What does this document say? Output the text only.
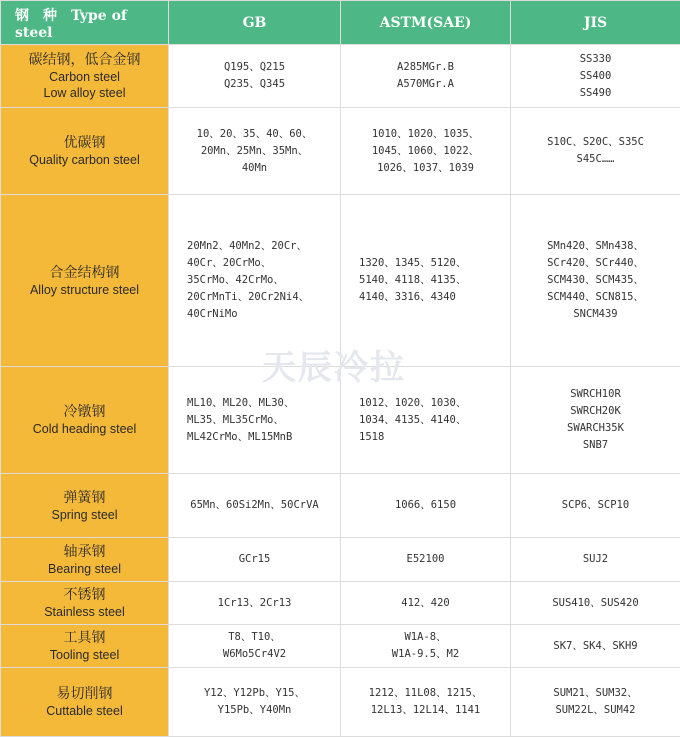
钢　种　Type of steel	GB	ASTM(SAE)	JIS

碳结钢，低合金钢
Carbon steel
Low alloy steel	Q195、Q215
Q235、Q345	A285MGr.B
A570MGr.A	SS330
SS400
SS490

优碳钢
Quality carbon steel	10、20、35、40、60、
20Mn、25Mn、35Mn、
40Mn	1010、1020、1035、
1045、1060、1022、
1026、1037、1039	S10C、S20C、S35C
S45C……

合金结构钢
Alloy structure steel	20Mn2、40Mn2、20Cr、
40Cr、20CrMo、
35CrMo、42CrMo、
20CrMnTi、20Cr2Ni4、
40CrNiMo	1320、1345、5120、
5140、4118、4135、
4140、3316、4340	SMn420、SMn438、
SCr420、SCr440、
SCM430、SCM435、
SCM440、SCN815、
SNCM439

冷镦钢
Cold heading steel	ML10、ML20、ML30、
ML35、ML35CrMo、
ML42CrMo、ML15MnB	1012、1020、1030、
1034、4135、4140、
1518	SWRCH10R
SWRCH20K
SWARCH35K
SNB7

弹簧钢
Spring steel	65Mn、60Si2Mn、50CrVA	1066、6150	SCP6、SCP10

轴承钢
Bearing steel	GCr15	E52100	SUJ2

不锈钢
Stainless steel	1Cr13、2Cr13	412、420	SUS410、SUS420

工具钢
Tooling steel	T8、T10、
W6Mo5Cr4V2	W1A-8、
W1A-9.5、M2	SK7、SK4、SKH9

易切削钢
Cuttable steel	Y12、Y12Pb、Y15、
Y15Pb、Y40Mn	1212、11L08、1215、
12L13、12L14、1141	SUM21、SUM32、
SUM22L、SUM42
天辰冷拉
